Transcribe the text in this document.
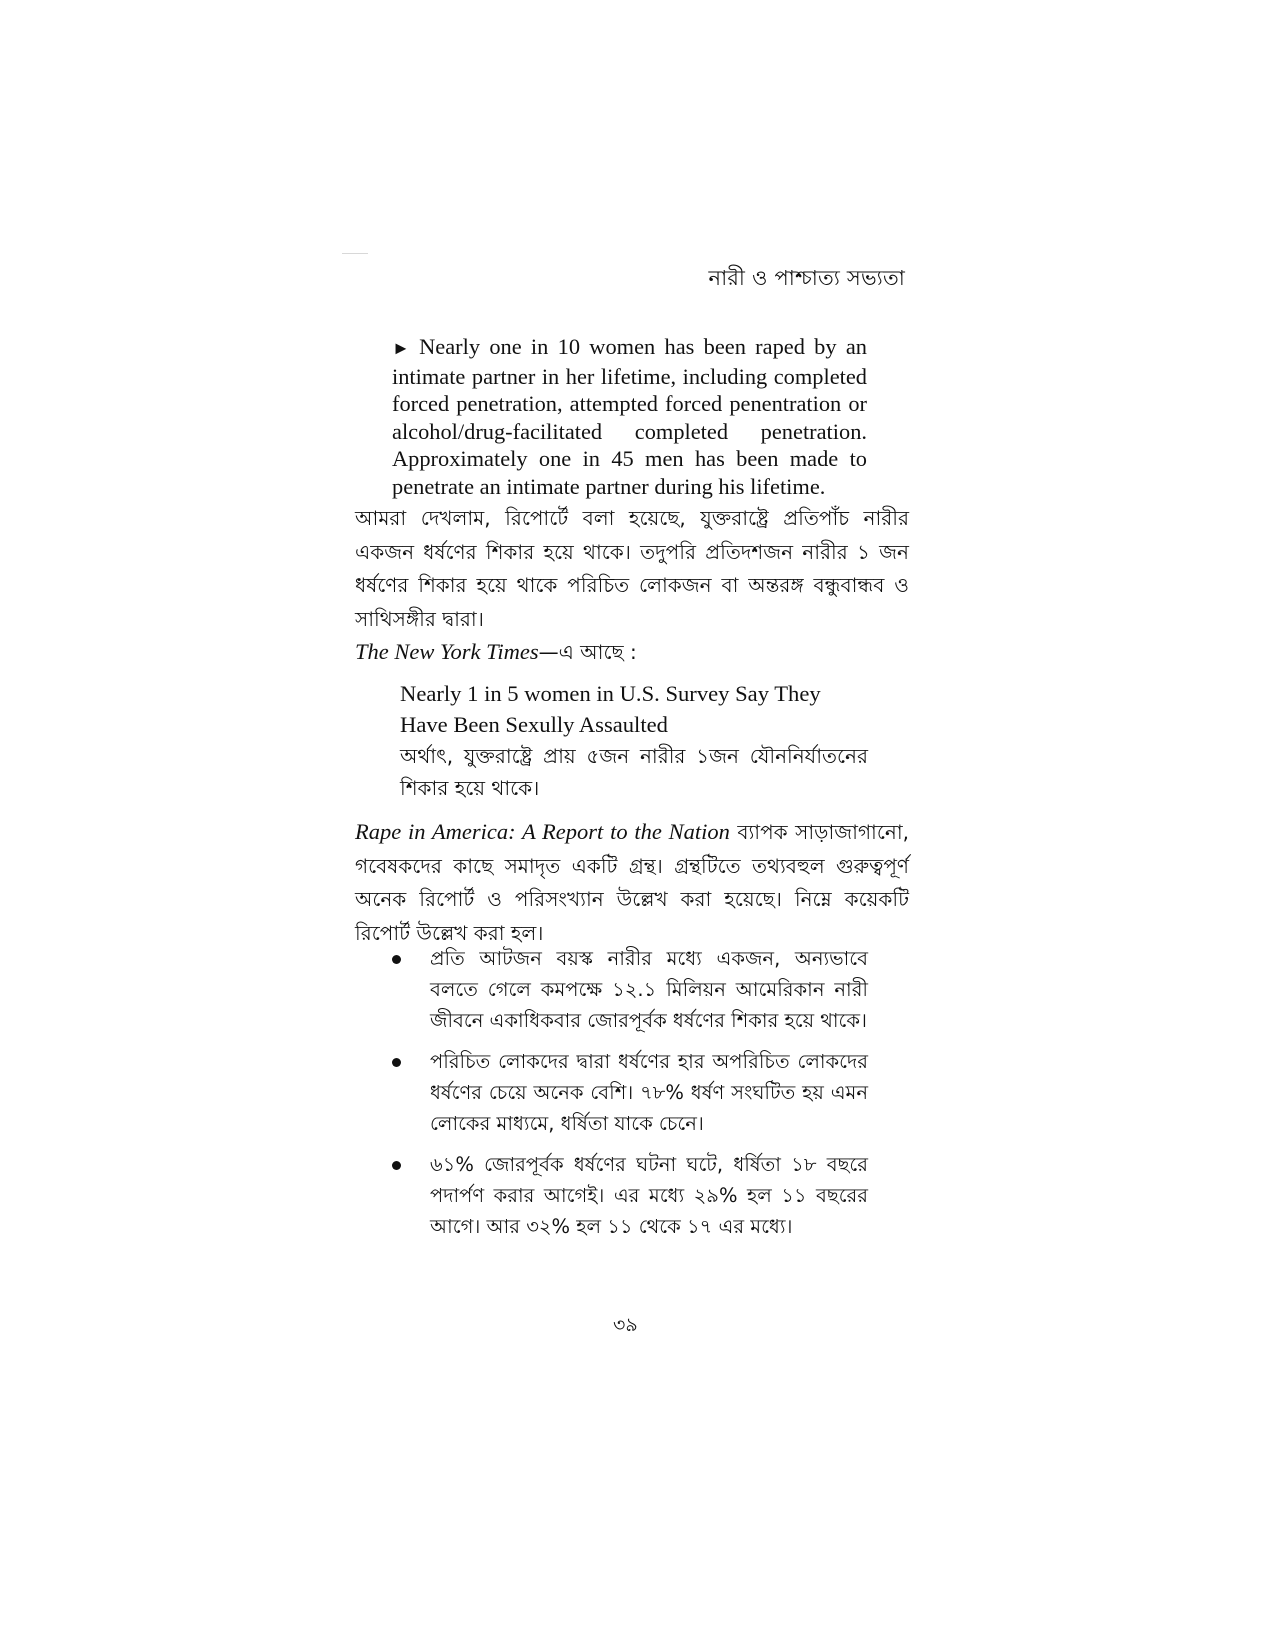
নারী ও পাশ্চাত্য সভ্যতা
► Nearly one in 10 women has been raped by an intimate partner in her lifetime, including completed forced penetration, attempted forced penentration or alcohol/drug-facilitated completed penetration. Approximately one in 45 men has been made to penetrate an intimate partner during his lifetime.

আমরা দেখলাম, রিপোর্টে বলা হয়েছে, যুক্তরাষ্ট্রে প্রতিপাঁচ নারীর একজন ধর্ষণের শিকার হয়ে থাকে। তদুপরি প্রতিদশজন নারীর ১ জন ধর্ষণের শিকার হয়ে থাকে পরিচিত লোকজন বা অন্তরঙ্গ বন্ধুবান্ধব ও সাথিসঙ্গীর দ্বারা।

The New York Times—এ আছে :
Nearly 1 in 5 women in U.S. Survey Say They Have Been Sexully Assaulted

অর্থাৎ, যুক্তরাষ্ট্রে প্রায় ৫জন নারীর ১জন যৌননির্যাতনের শিকার হয়ে থাকে।

Rape in America: A Report to the Nation ব্যাপক সাড়াজাগানো, গবেষকদের কাছে সমাদৃত একটি গ্রন্থ। গ্রন্থটিতে তথ্যবহুল গুরুত্বপূর্ণ অনেক রিপোর্ট ও পরিসংখ্যান উল্লেখ করা হয়েছে। নিম্নে কয়েকটি রিপোর্ট উল্লেখ করা হল।

প্রতি আটজন বয়স্ক নারীর মধ্যে একজন, অন্যভাবে বলতে গেলে কমপক্ষে ১২.১ মিলিয়ন আমেরিকান নারী জীবনে একাধিকবার জোরপূর্বক ধর্ষণের শিকার হয়ে থাকে।
পরিচিত লোকদের দ্বারা ধর্ষণের হার অপরিচিত লোকদের ধর্ষণের চেয়ে অনেক বেশি। ৭৮% ধর্ষণ সংঘটিত হয় এমন লোকের মাধ্যমে, ধর্ষিতা যাকে চেনে।
৬১% জোরপূর্বক ধর্ষণের ঘটনা ঘটে, ধর্ষিতা ১৮ বছরে পদার্পণ করার আগেই। এর মধ্যে ২৯% হল ১১ বছরের আগে। আর ৩২% হল ১১ থেকে ১৭ এর মধ্যে।
৩৯
